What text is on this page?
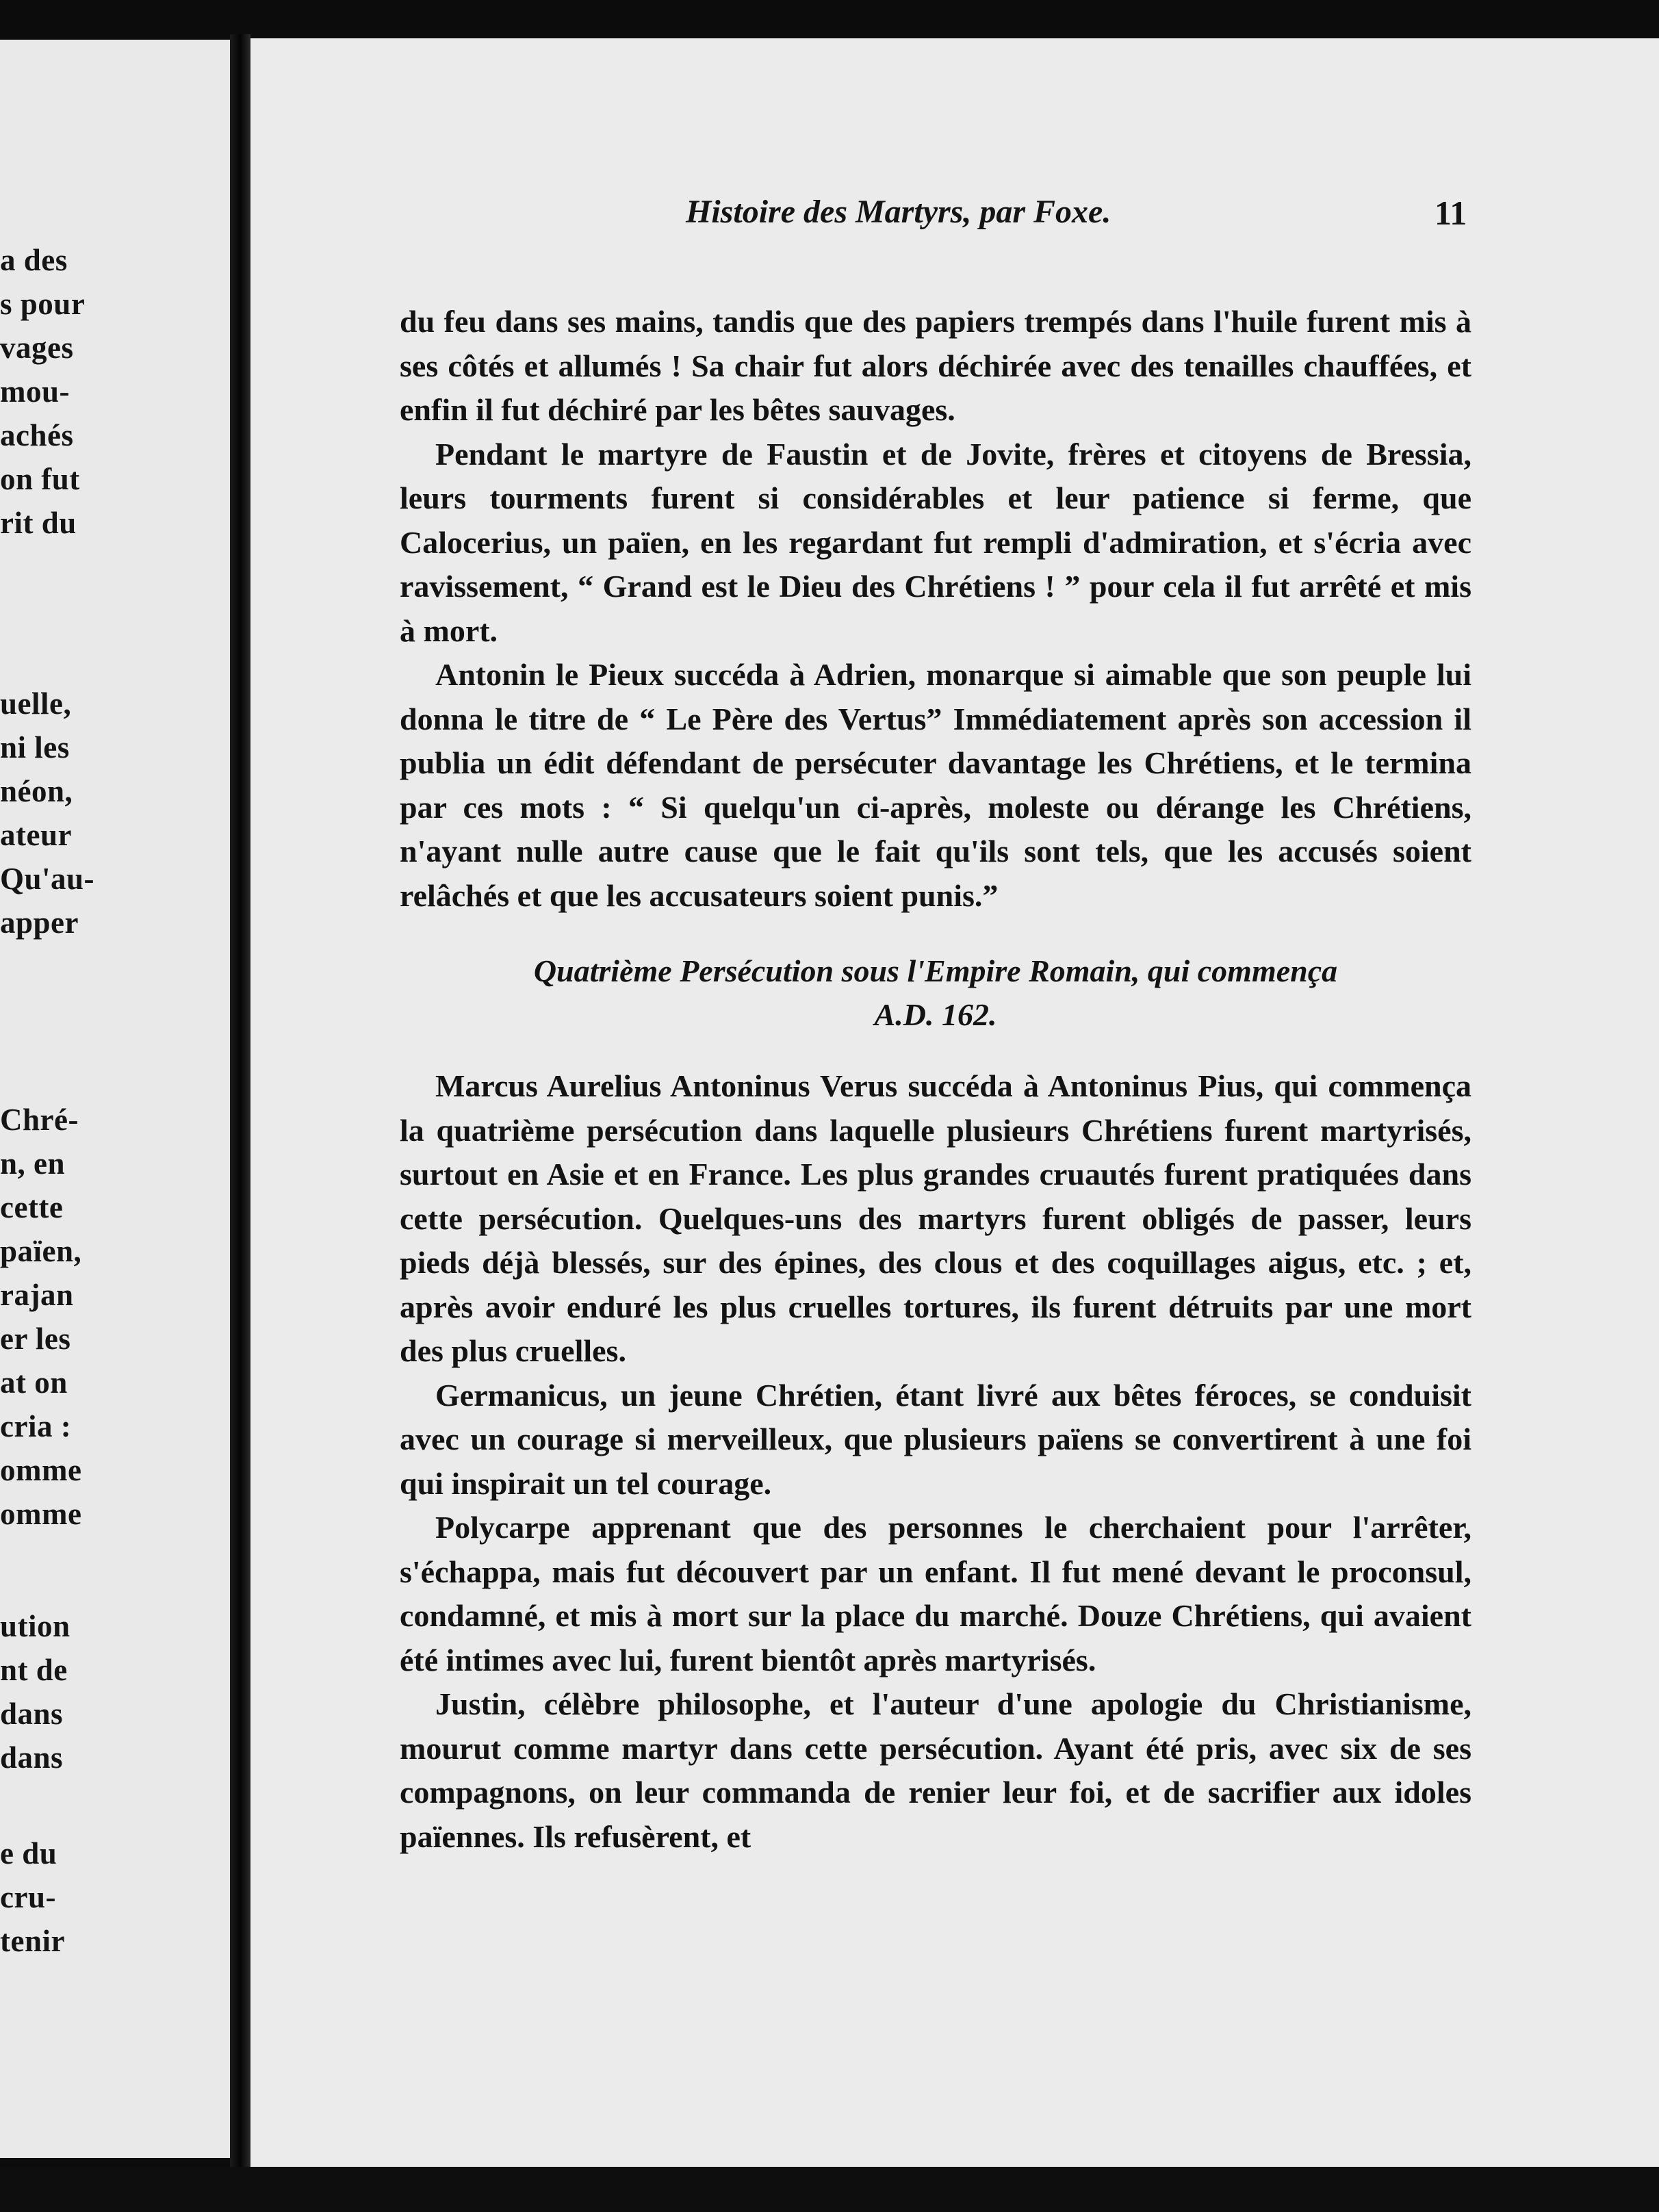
a des
s pour
vages
mou-
achés
on fut
rit du
uelle,
ni les
néon,
ateur
Qu'au-
apper
Chré-
n, en
cette
païen,
rajan
er les
at on
cria :
omme
omme
ution
nt de
dans
dans
e du
cru-
tenir
Histoire des Martyrs, par Foxe.	11

du feu dans ses mains, tandis que des papiers trempés dans l'huile furent mis à ses côtés et allumés ! Sa chair fut alors déchirée avec des tenailles chauffées, et enfin il fut déchiré par les bêtes sauvages.

Pendant le martyre de Faustin et de Jovite, frères et citoyens de Bressia, leurs tourments furent si considérables et leur patience si ferme, que Calocerius, un païen, en les regardant fut rempli d'admiration, et s'écria avec ravissement, “ Grand est le Dieu des Chrétiens ! ” pour cela il fut arrêté et mis à mort.

Antonin le Pieux succéda à Adrien, monarque si aimable que son peuple lui donna le titre de “ Le Père des Vertus” Immédiatement après son accession il publia un édit défendant de persécuter davantage les Chrétiens, et le termina par ces mots : “ Si quelqu'un ci-après, moleste ou dérange les Chrétiens, n'ayant nulle autre cause que le fait qu'ils sont tels, que les accusés soient relâchés et que les accusateurs soient punis.”

Quatrième Persécution sous l'Empire Romain, qui commença
A.D. 162.

Marcus Aurelius Antoninus Verus succéda à Antoninus Pius, qui commença la quatrième persécution dans laquelle plusieurs Chrétiens furent martyrisés, surtout en Asie et en France. Les plus grandes cruautés furent pratiquées dans cette persécution. Quelques-uns des martyrs furent obligés de passer, leurs pieds déjà blessés, sur des épines, des clous et des coquillages aigus, etc. ; et, après avoir enduré les plus cruelles tortures, ils furent détruits par une mort des plus cruelles.

Germanicus, un jeune Chrétien, étant livré aux bêtes féroces, se conduisit avec un courage si merveilleux, que plusieurs païens se convertirent à une foi qui inspirait un tel courage.

Polycarpe apprenant que des personnes le cherchaient pour l'arrêter, s'échappa, mais fut découvert par un enfant. Il fut mené devant le proconsul, condamné, et mis à mort sur la place du marché. Douze Chrétiens, qui avaient été intimes avec lui, furent bientôt après martyrisés.

Justin, célèbre philosophe, et l'auteur d'une apologie du Christianisme, mourut comme martyr dans cette persécution. Ayant été pris, avec six de ses compagnons, on leur commanda de renier leur foi, et de sacrifier aux idoles païennes. Ils refusèrent, et
